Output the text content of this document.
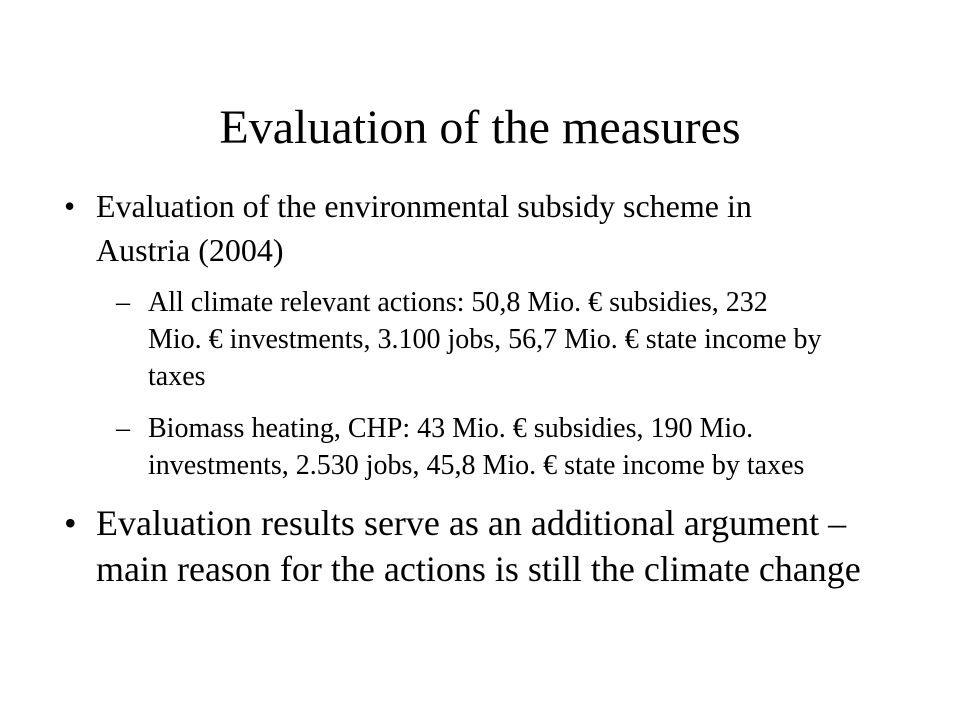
Evaluation of the measures
• Evaluation of the environmental subsidy scheme in Austria (2004)
– All climate relevant actions: 50,8 Mio. € subsidies, 232 Mio. € investments, 3.100 jobs, 56,7 Mio. € state income by taxes
– Biomass heating, CHP: 43 Mio. € subsidies, 190 Mio. investments, 2.530 jobs, 45,8 Mio. € state income by taxes
• Evaluation results serve as an additional argument – main reason for the actions is still the climate change
